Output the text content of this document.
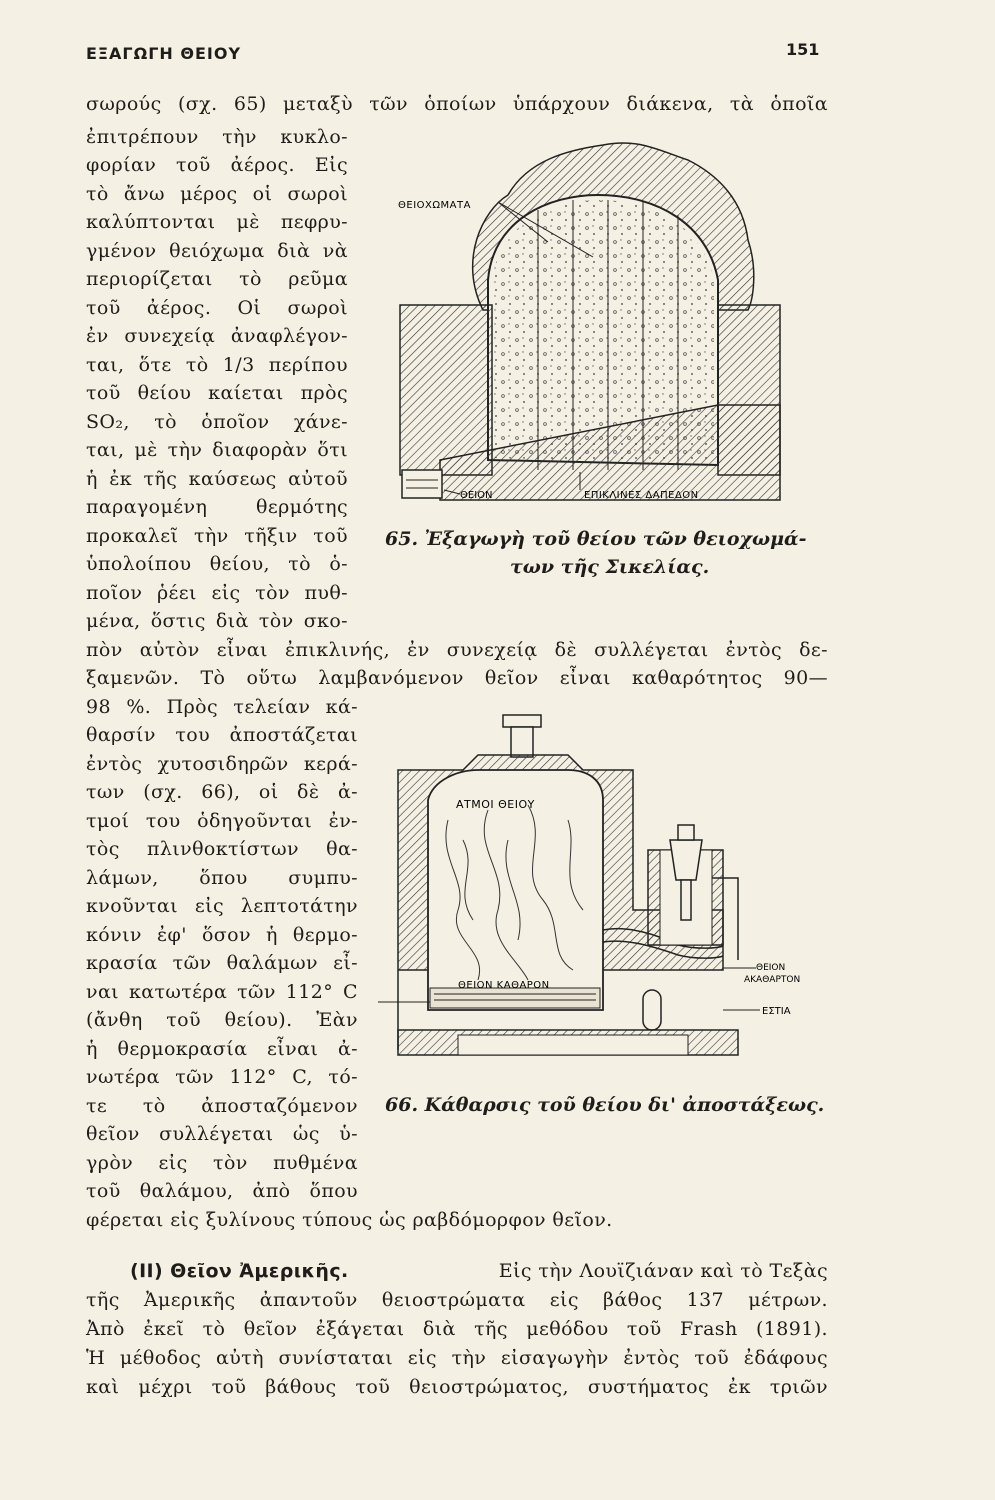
ΕΞΑΓΩΓΗ ΘΕΙΟΥ	151
σωρούς (σχ. 65) μεταξὺ τῶν ὁποίων ὑπάρχουν διάκενα, τὰ ὁποῖα
ἐπιτρέπουν τὴν κυκλο-
φορίαν τοῦ ἀέρος. Εἰς
τὸ ἄνω μέρος οἱ σωροὶ
καλύπτονται μὲ πεφρυ-
γμένον θειόχωμα διὰ νὰ
περιορίζεται τὸ ρεῦμα
τοῦ ἀέρος. Οἱ σωροὶ
ἐν συνεχείᾳ ἀναφλέγον-
ται, ὅτε τὸ 1/3 περίπου
τοῦ θείου καίεται πρὸς
SO₂, τὸ ὁποῖον χάνε-
ται, μὲ τὴν διαφορὰν ὅτι
ἡ ἐκ τῆς καύσεως αὐτοῦ
παραγομένη θερμότης
προκαλεῖ τὴν τῆξιν τοῦ
ὑπολοίπου θείου, τὸ ὁ-
ποῖον ῥέει εἰς τὸν πυθ-
μένα, ὅστις διὰ τὸν σκο-
πὸν αὐτὸν εἶναι ἐπικλινής, ἐν συνεχείᾳ δὲ συλλέγεται ἐντὸς δε-
ξαμενῶν. Τὸ οὕτω λαμβανόμενον θεῖον εἶναι καθαρότητος 90—
98 %. Πρὸς τελείαν κά-
θαρσίν του ἀποστάζεται
ἐντὸς χυτοσιδηρῶν κερά-
των (σχ. 66), οἱ δὲ ἀ-
τμοί του ὁδηγοῦνται ἐν-
τὸς πλινθοκτίστων θα-
λάμων, ὅπου συμπυ-
κνοῦνται εἰς λεπτοτάτην
κόνιν ἐφ' ὅσον ἡ θερμο-
κρασία τῶν θαλάμων εἶ-
ναι κατωτέρα τῶν 112° C
(ἄνθη τοῦ θείου). Ἐὰν
ἡ θερμοκρασία εἶναι ἀ-
νωτέρα τῶν 112° C, τό-
τε τὸ ἀποσταζόμενον
θεῖον συλλέγεται ὡς ὑ-
γρὸν εἰς τὸν πυθμένα
τοῦ θαλάμου, ἀπὸ ὅπου
φέρεται εἰς ξυλίνους τύπους ὡς ραβδόμορφον θεῖον.
(ΙΙ) Θεῖον Ἀμερικῆς.	Εἰς τὴν Λουϊζιάναν καὶ τὸ Τεξὰς
τῆς Ἀμερικῆς ἀπαντοῦν θειοστρώματα εἰς βάθος 137 μέτρων.
Ἀπὸ ἐκεῖ τὸ θεῖον ἐξάγεται διὰ τῆς μεθόδου τοῦ Frash (1891).
Ἡ μέθοδος αὐτὴ συνίσταται εἰς τὴν εἰσαγωγὴν ἐντὸς τοῦ ἐδάφους
καὶ μέχρι τοῦ βάθους τοῦ θειοστρώματος, συστήματος ἐκ τριῶν
ΘΕΙΟΧΩΜΑΤΑ
ΘΕΙΟΝ	ΕΠΙΚΛΙΝΕΣ ΔΑΠΕΔΟΝ
65. Ἐξαγωγὴ τοῦ θείου τῶν θειοχωμά-
των τῆς Σικελίας.
ΑΤΜΟΙ ΘΕΙΟΥ
ΘΕΙΟΝ ΚΑΘΑΡΟΝ
ΘΕΙΟΝ
ΑΚΑΘΑΡΤΟΝ
ΕΣΤΙΑ
66. Κάθαρσις τοῦ θείου δι' ἀποστάξεως.
